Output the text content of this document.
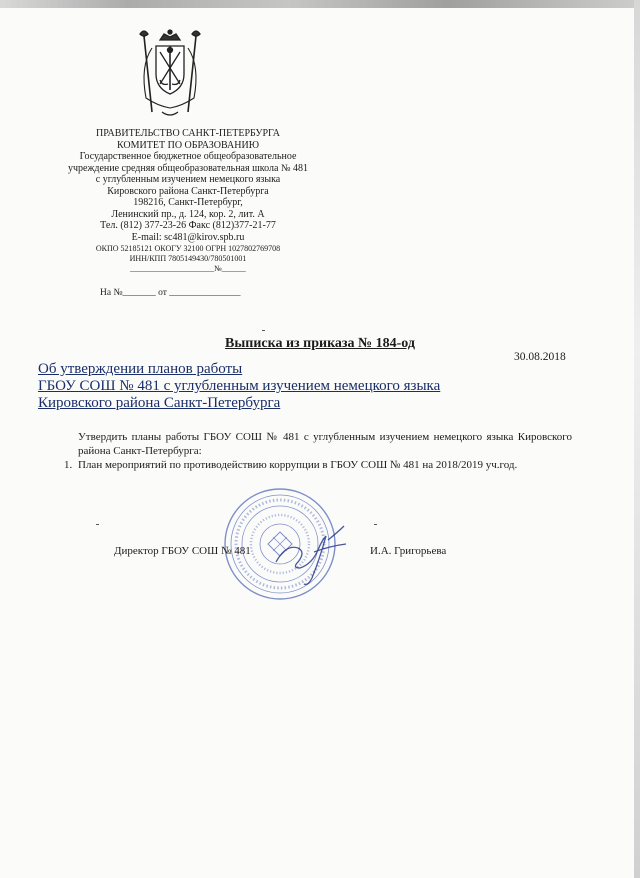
ПРАВИТЕЛЬСТВО САНКТ-ПЕТЕРБУРГА
КОМИТЕТ ПО ОБРАЗОВАНИЮ
Государственное бюджетное общеобразовательное
учреждение средняя общеобразовательная школа № 481
с углубленным изучением немецкого языка
Кировского района Санкт-Петербурга
198216, Санкт-Петербург,
Ленинский пр., д. 124, кор. 2, лит. А
Тел. (812) 377-23-26 Факс (812)377-21-77
E-mail: sc481@kirov.spb.ru
ОКПО 52185121 ОКОГУ 32100 ОГРН 1027802769708
ИНН/КПП 7805149430/780501001
_____________________№______
На №_______ от _______________
Выписка из приказа № 184-од
30.08.2018
Об утверждении планов работы
ГБОУ СОШ № 481 с углубленным изучением немецкого языка
Кировского района Санкт-Петербурга
Утвердить планы работы ГБОУ СОШ № 481 с углубленным изучением немецкого языка Кировского района Санкт-Петербурга:
1. План мероприятий по противодействию коррупции в ГБОУ СОШ № 481 на 2018/2019 уч.год.
Директор ГБОУ СОШ № 481	И.А. Григорьева
